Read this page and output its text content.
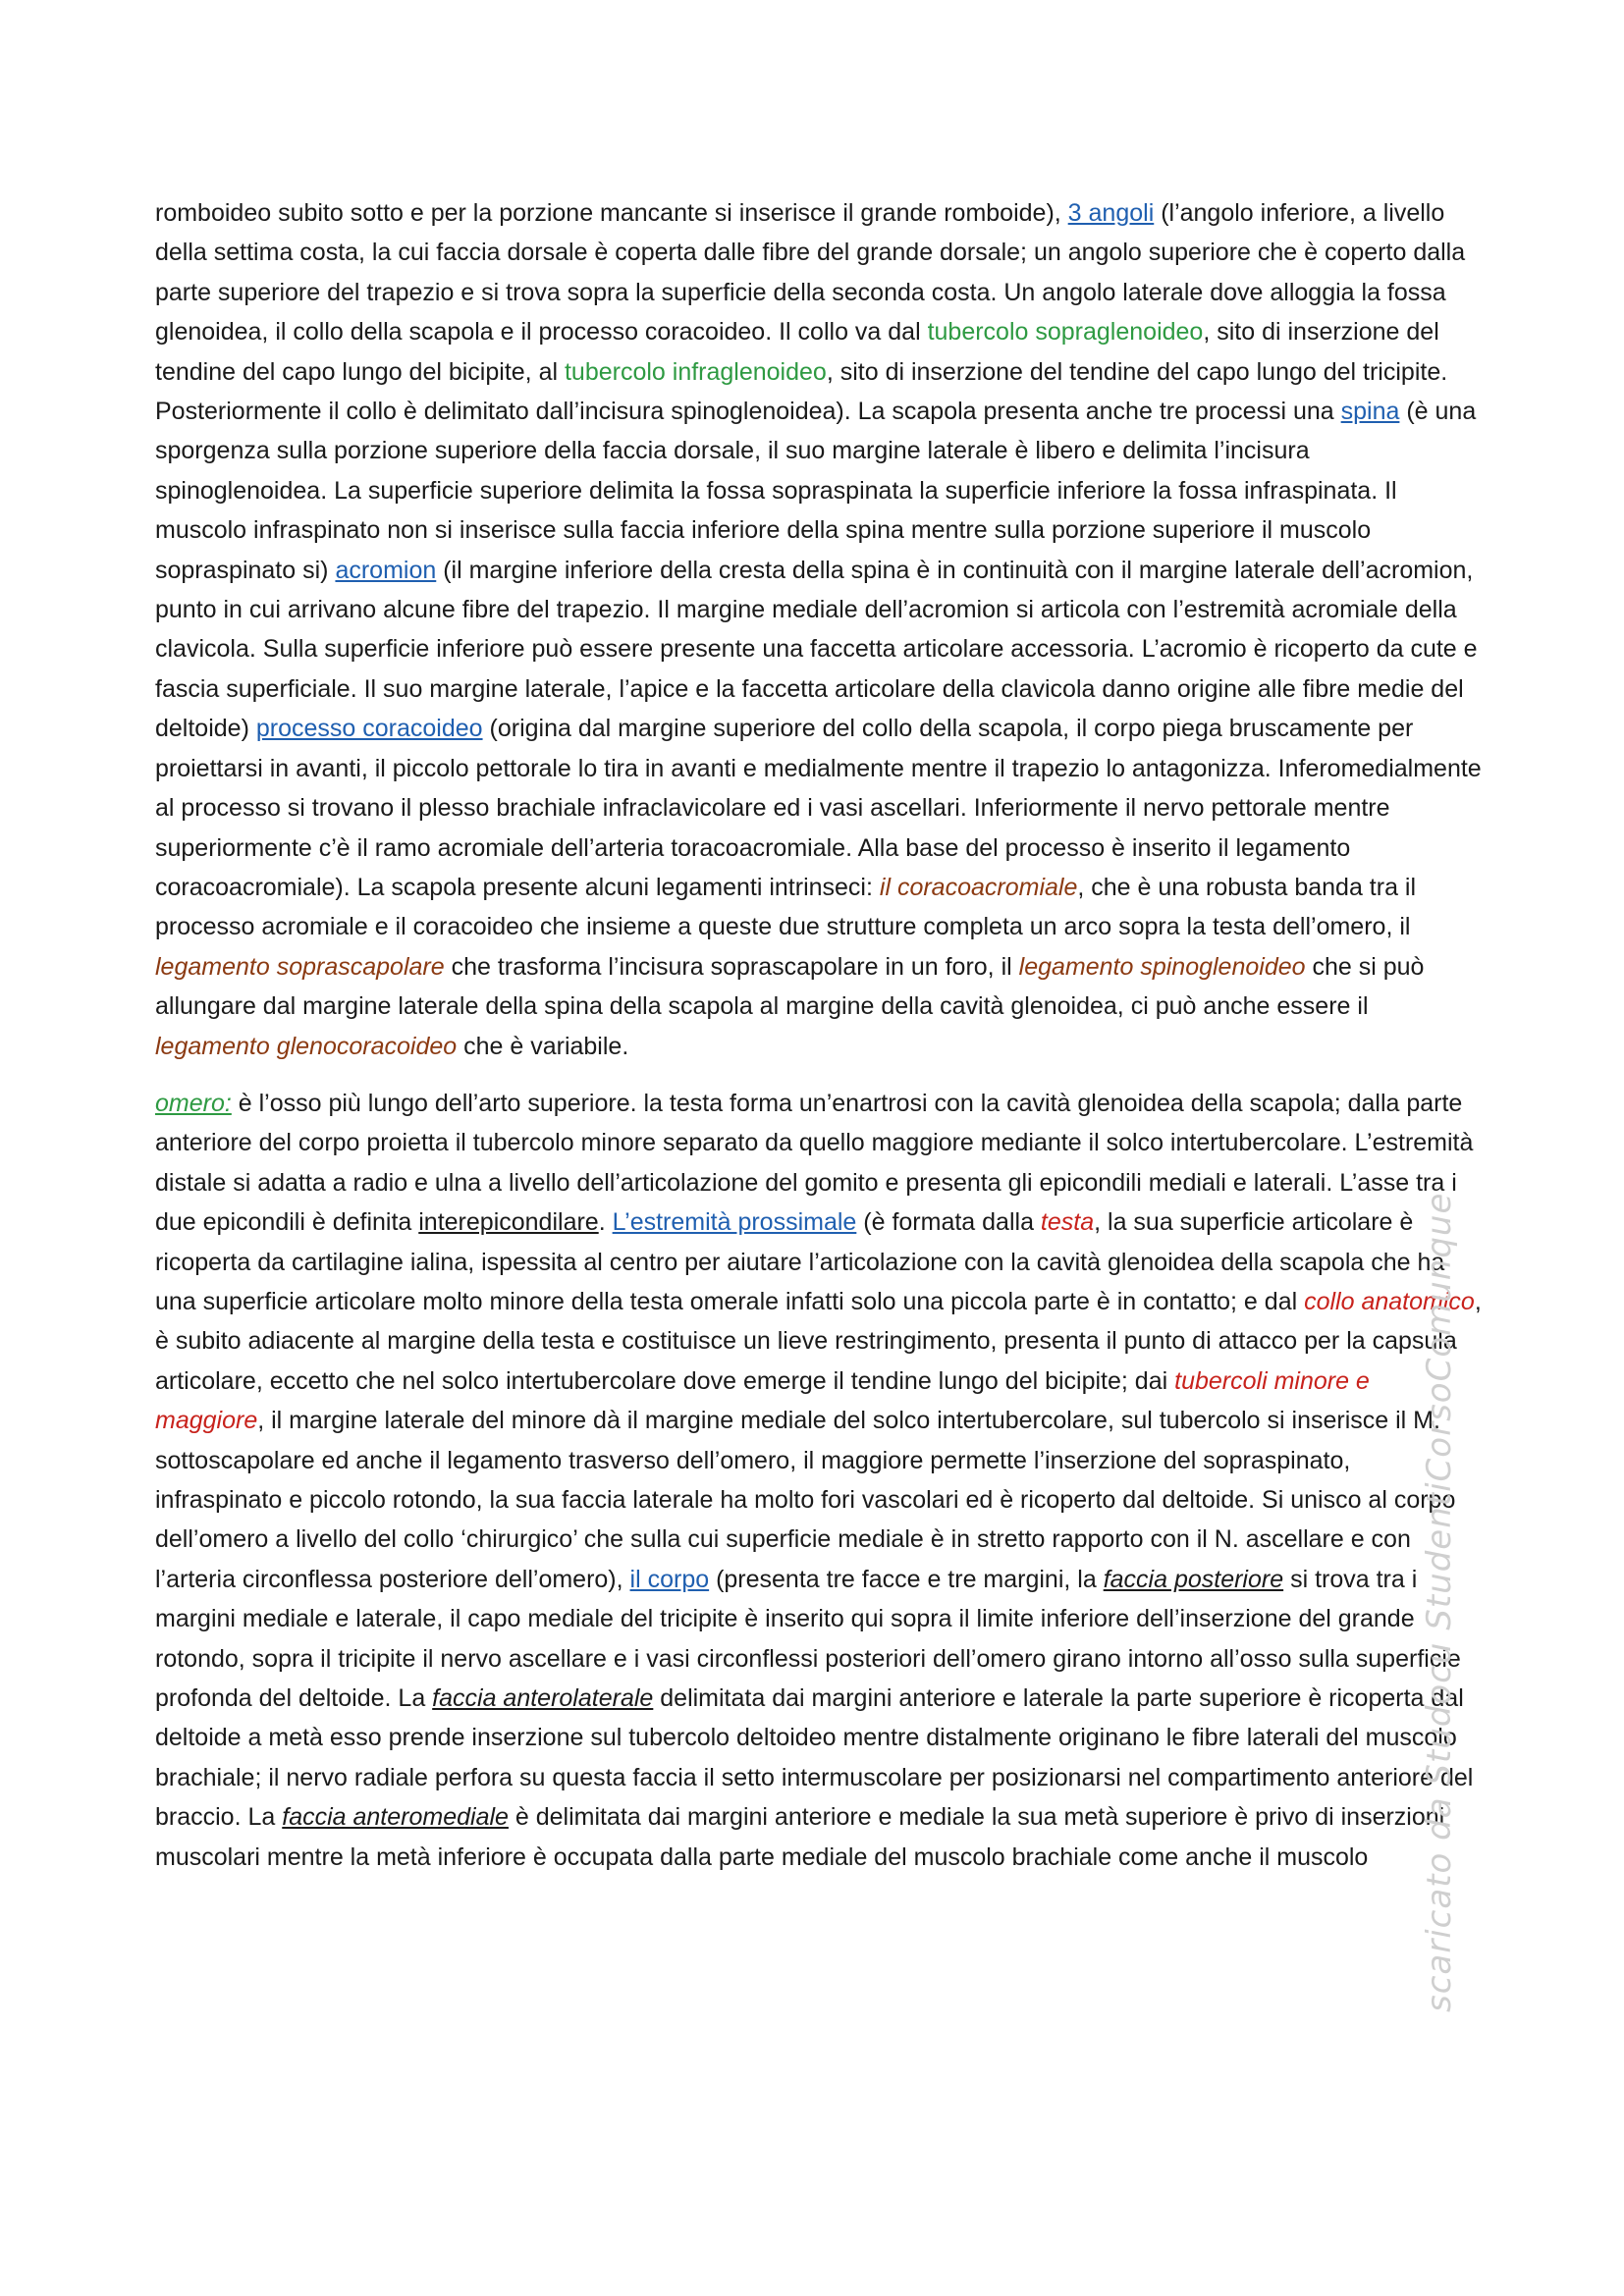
romboideo subito sotto e per la porzione mancante si inserisce il grande romboide), 3 angoli (l’angolo inferiore, a livello della settima costa, la cui faccia dorsale è coperta dalle fibre del grande dorsale; un angolo superiore che è coperto dalla parte superiore del trapezio e si trova sopra la superficie della seconda costa. Un angolo laterale dove alloggia la fossa glenoidea, il collo della scapola e il processo coracoideo. Il collo va dal tubercolo sopraglenoideo, sito di inserzione del tendine del capo lungo del bicipite, al tubercolo infraglenoideo, sito di inserzione del tendine del capo lungo del tricipite. Posteriormente il collo è delimitato dall’incisura spinoglenoidea). La scapola presenta anche tre processi una spina (è una sporgenza sulla porzione superiore della faccia dorsale, il suo margine laterale è libero e delimita l’incisura spinoglenoidea. La superficie superiore delimita la fossa sopraspinata la superficie inferiore la fossa infraspinata. Il muscolo infraspinato non si inserisce sulla faccia inferiore della spina mentre sulla porzione superiore il muscolo sopraspinato si) acromion (il margine inferiore della cresta della spina è in continuità con il margine laterale dell’acromion, punto in cui arrivano alcune fibre del trapezio. Il margine mediale dell’acromion si articola con l’estremità acromiale della clavicola. Sulla superficie inferiore può essere presente una faccetta articolare accessoria. L’acromio è ricoperto da cute e fascia superficiale. Il suo margine laterale, l’apice e la faccetta articolare della clavicola danno origine alle fibre medie del deltoide) processo coracoideo (origina dal margine superiore del collo della scapola, il corpo piega bruscamente per proiettarsi in avanti, il piccolo pettorale lo tira in avanti e medialmente mentre il trapezio lo antagonizza. Inferomedialmente al processo si trovano il plesso brachiale infraclavicolare ed i vasi ascellari. Inferiormente il nervo pettorale mentre superiormente c’è il ramo acromiale dell’arteria toracoacromiale. Alla base del processo è inserito il legamento coracoacromiale). La scapola presente alcuni legamenti intrinseci: il coracoacromiale, che è una robusta banda tra il processo acromiale e il coracoideo che insieme a queste due strutture completa un arco sopra la testa dell’omero, il legamento soprascapolare che trasforma l’incisura soprascapolare in un foro, il legamento spinoglenoideo che si può allungare dal margine laterale della spina della scapola al margine della cavità glenoidea, ci può anche essere il legamento glenocoracoideo che è variabile.

omero: è l’osso più lungo dell’arto superiore. la testa forma un’enartrosi con la cavità glenoidea della scapola; dalla parte anteriore del corpo proietta il tubercolo minore separato da quello maggiore mediante il solco intertubercolare. L’estremità distale si adatta a radio e ulna a livello dell’articolazione del gomito e presenta gli epicondili mediali e laterali. L’asse tra i due epicondili è definita interepicondilare. L’estremità prossimale (è formata dalla testa, la sua superficie articolare è ricoperta da cartilagine ialina, ispessita al centro per aiutare l’articolazione con la cavità glenoidea della scapola che ha una superficie articolare molto minore della testa omerale infatti solo una piccola parte è in contatto; e dal collo anatomico, è subito adiacente al margine della testa e costituisce un lieve restringimento, presenta il punto di attacco per la capsula articolare, eccetto che nel solco intertubercolare dove emerge il tendine lungo del bicipite; dai tubercoli minore e maggiore, il margine laterale del minore dà il margine mediale del solco intertubercolare, sul tubercolo si inserisce il M. sottoscapolare ed anche il legamento trasverso dell’omero, il maggiore permette l’inserzione del sopraspinato, infraspinato e piccolo rotondo, la sua faccia laterale ha molto fori vascolari ed è ricoperto dal deltoide. Si unisco al corpo dell’omero a livello del collo ‘chirurgico’ che sulla cui superficie mediale è in stretto rapporto con il N. ascellare e con l’arteria circonflessa posteriore dell’omero), il corpo (presenta tre facce e tre margini, la faccia posteriore si trova tra i margini mediale e laterale, il capo mediale del tricipite è inserito qui sopra il limite inferiore dell’inserzione del grande rotondo, sopra il tricipite il nervo ascellare e i vasi circonflessi posteriori dell’omero girano intorno all’osso sulla superficie profonda del deltoide. La faccia anterolaterale delimitata dai margini anteriore e laterale la parte superiore è ricoperta dal deltoide a metà esso prende inserzione sul tubercolo deltoideo mentre distalmente originano le fibre laterali del muscolo brachiale; il nervo radiale perfora su questa faccia il setto intermuscolare per posizionarsi nel compartimento anteriore del braccio. La faccia anteromediale è delimitata dai margini anteriore e mediale la sua metà superiore è privo di inserzioni muscolari mentre la metà inferiore è occupata dalla parte mediale del muscolo brachiale come anche il muscolo	scaricato da Studocu StudentiCorsoComunque
